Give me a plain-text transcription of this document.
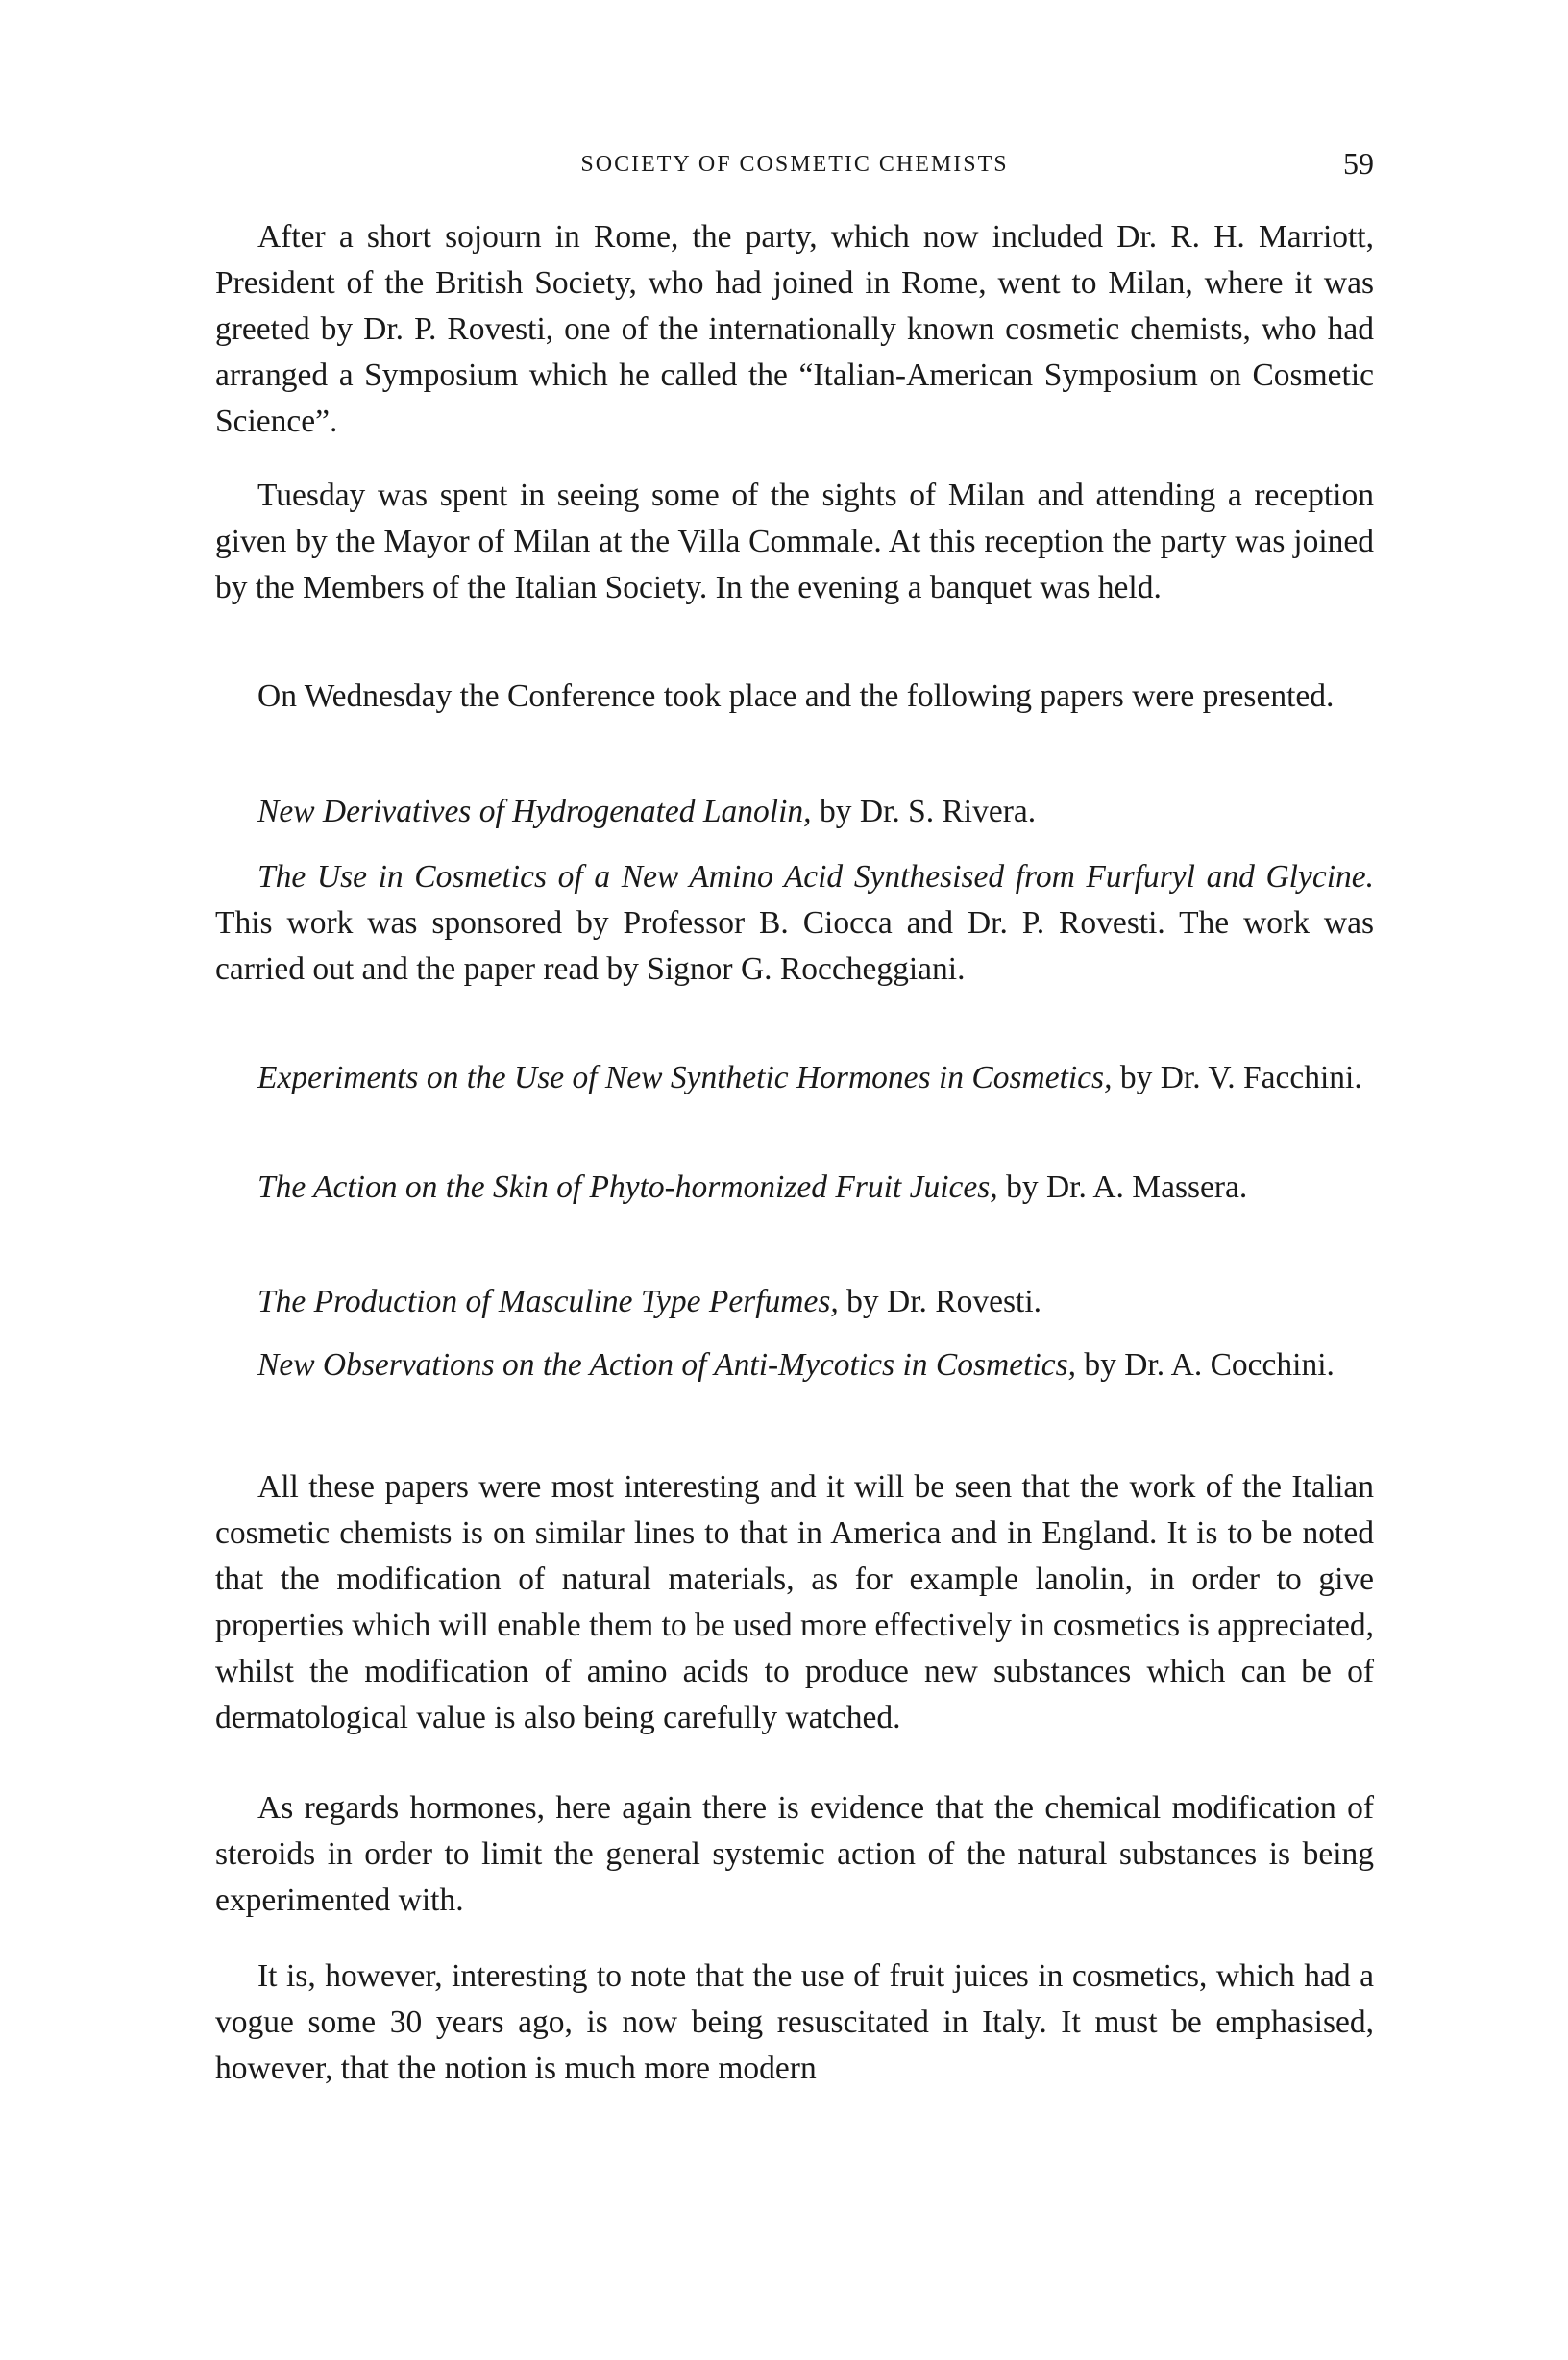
SOCIETY OF COSMETIC CHEMISTS	59

After a short sojourn in Rome, the party, which now included Dr. R. H. Marriott, President of the British Society, who had joined in Rome, went to Milan, where it was greeted by Dr. P. Rovesti, one of the internationally known cosmetic chemists, who had arranged a Symposium which he called the “Italian-American Symposium on Cosmetic Science”.

Tuesday was spent in seeing some of the sights of Milan and attending a reception given by the Mayor of Milan at the Villa Commale. At this reception the party was joined by the Members of the Italian Society. In the evening a banquet was held.

On Wednesday the Conference took place and the following papers were presented.

New Derivatives of Hydrogenated Lanolin, by Dr. S. Rivera.

The Use in Cosmetics of a New Amino Acid Synthesised from Furfuryl and Glycine. This work was sponsored by Professor B. Ciocca and Dr. P. Rovesti. The work was carried out and the paper read by Signor G. Roccheggiani.

Experiments on the Use of New Synthetic Hormones in Cosmetics, by Dr. V. Facchini.

The Action on the Skin of Phyto-hormonized Fruit Juices, by Dr. A. Massera.

The Production of Masculine Type Perfumes, by Dr. Rovesti.

New Observations on the Action of Anti-Mycotics in Cosmetics, by Dr. A. Cocchini.

All these papers were most interesting and it will be seen that the work of the Italian cosmetic chemists is on similar lines to that in America and in England. It is to be noted that the modification of natural materials, as for example lanolin, in order to give properties which will enable them to be used more effectively in cosmetics is appreciated, whilst the modification of amino acids to produce new substances which can be of dermatological value is also being carefully watched.

As regards hormones, here again there is evidence that the chemical modification of steroids in order to limit the general systemic action of the natural substances is being experimented with.

It is, however, interesting to note that the use of fruit juices in cosmetics, which had a vogue some 30 years ago, is now being resuscitated in Italy. It must be emphasised, however, that the notion is much more modern
